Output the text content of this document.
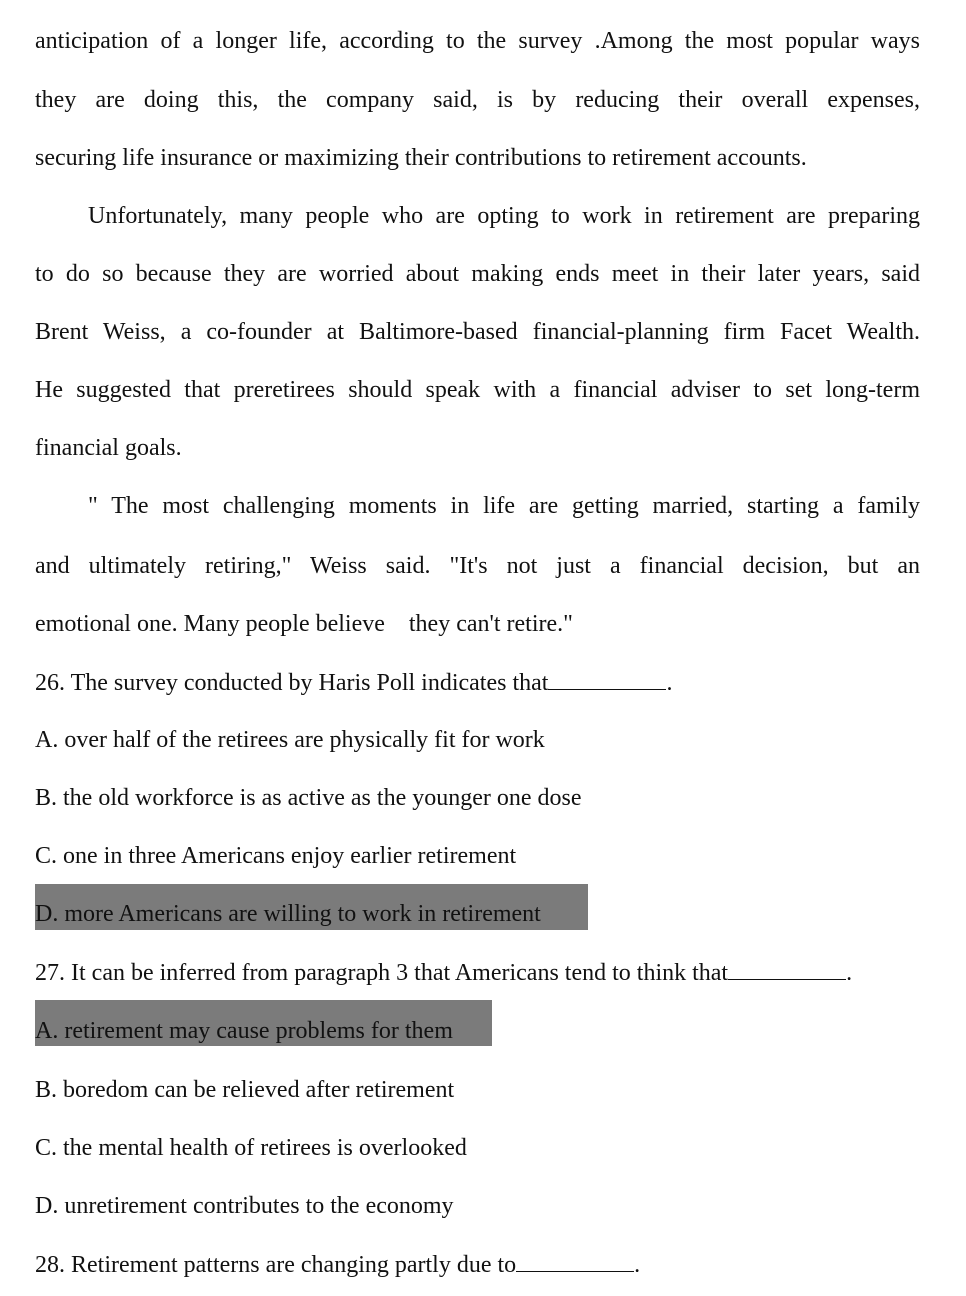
anticipation of a longer life, according to the survey .Among the most popular ways
they are doing this, the company said, is by reducing their overall expenses,
securing life insurance or maximizing their contributions to retirement accounts.
Unfortunately, many people who are opting to work in retirement are preparing
to do so because they are worried about making ends meet in their later years, said
Brent Weiss, a co-founder at Baltimore-based financial-planning firm Facet Wealth.
He suggested that preretirees should speak with a financial adviser to set long-term
financial goals.
" The most challenging moments in life are getting married, starting a family
and ultimately retiring," Weiss said. "It's not just a financial decision, but an
emotional one. Many people believe    they can't retire."
26. The survey conducted by Haris Poll indicates that	.
A. over half of the retirees are physically fit for work
B. the old workforce is as active as the younger one dose
C. one in three Americans enjoy earlier retirement
D. more Americans are willing to work in retirement
27. It can be inferred from paragraph 3 that Americans tend to think that	.
A. retirement may cause problems for them
B. boredom can be relieved after retirement
C. the mental health of retirees is overlooked
D. unretirement contributes to the economy
28. Retirement patterns are changing partly due to	.
